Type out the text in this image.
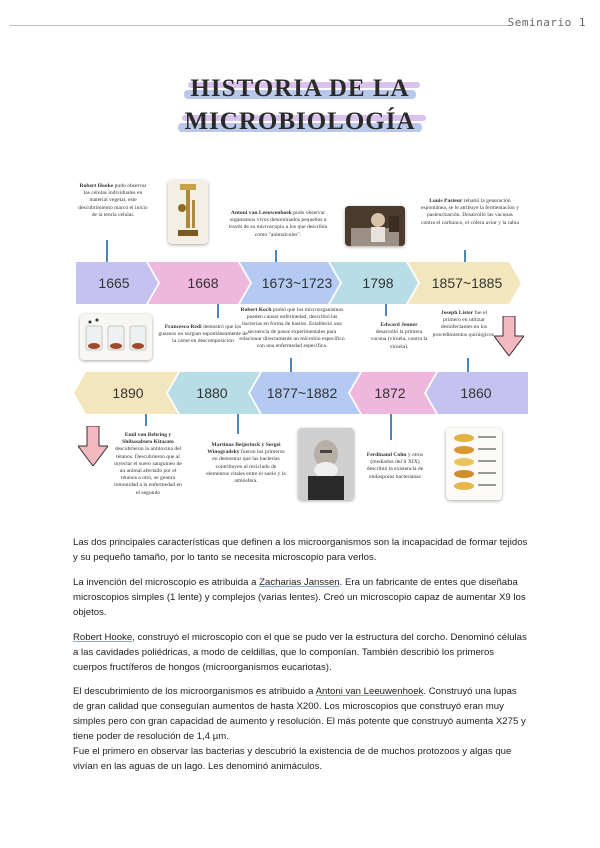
Seminario 1
HISTORIA DE LA
MICROBIOLOGÍA
1665	1668	1673~1723	1798	1857~1885
1890	1880	1877~1882	1872	1860
Robert Hooke pudo observar las células individuales en material vegetal, este descubrimiento marcó el inicio de la teoría celular.	Antoni van Leeuwenhoek pudo observar organismos vivos denominados pequeños a través de su microscopio a los que describía como "animalcules".
Louis Pasteur rebatió la generación espontánea, se le atribuye la fermentación y pasteurización. Desarrolló las vacunas contra el carbunco, el cólera aviar y la rabia
Francesco Redi demostró que los gusanos no surgían espontáneamente de la carne en descomposición
Robert Koch probó que los microorganismos pueden causar enfermedad, describió las bacterias en forma de bastón. Estableció una secuencia de pasos experimentales para relacionar directamente un microbio específico con una enfermedad específica.
Edward Jenner desarrolló la primera vacuna (viruela, contra la viruela).
Joseph Lister fue el primero en utilizar desinfectantes en los procedimientos quirúrgicos.
Emil von Behring y Shibasaburo Kitasato descubrieron la antitoxina del tétanos. Descubrieron que al inyectar el suero sanguíneo de un animal afectado por el tétanos a otro, se genera inmunidad a la enfermedad en el segundo
Martinus Beijerinck y Sergei Winogradsky fueron los primeros en demostrar que las bacterias contribuyen al reciclado de elementos vitales entre el suelo y la atmósfera.
Ferdinand Cohn y otros (mediados del S XIX) describió la existencia de endosporas bacterianas

Las dos principales características que definen a los microorganismos son la incapacidad de formar tejidos y su pequeño tamaño, por lo tanto se necesita microscopio para verlos.

La invención del microscopio es atribuida a Zacharias Janssen. Era un fabricante de entes que diseñaba microscopios simples (1 lente) y complejos (varias lentes). Creó un microscopio capaz de aumentar X9 los objetos.

Robert Hooke, construyó el microscopio con el que se pudo ver la estructura del corcho. Denominó células a las cavidades poliédricas, a modo de celdillas, que lo componían. También describió los primeros cuerpos fructíferos de hongos (microorganismos eucariotas).

El descubrimiento de los microorganismos es atribuido a Antoni van Leeuwenhoek. Construyó una lupas de gran calidad que conseguían aumentos de hasta X200. Los microscopios que construyó eran muy simples pero con gran capacidad de aumento y resolución. El más potente que construyó aumenta X275 y tiene poder de resolución de 1,4 µm.

Fue el primero en observar las bacterias y descubrió la existencia de de muchos protozoos y algas que vivían en las aguas de un lago. Les denominó animáculos.
